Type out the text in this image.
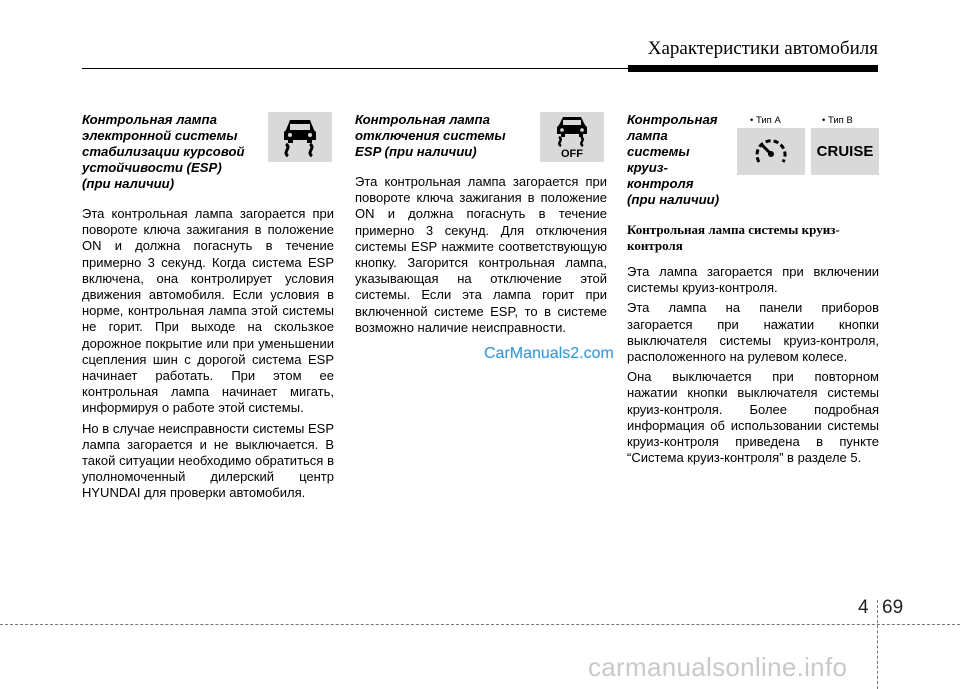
Характеристики автомобиля
Контрольная лампа
электронной системы
стабилизации курсовой
устойчивости (ESP)
(при наличии)

Эта контрольная лампа загорается при повороте ключа зажигания в положение ON и должна погаснуть в течение примерно 3 секунд. Когда система ESP включена, она контролирует условия движения автомобиля. Если условия в норме, контрольная лампа этой системы не горит. При выходе на скользкое дорожное покрытие или при уменьшении сцепления шин с дорогой система ESP начинает работать. При этом ее контрольная лампа начинает мигать, информируя о работе этой системы.

Но в случае неисправности системы ESP лампа загорается и не выключается. В такой ситуации необходимо обратиться в уполномоченный дилерский центр HYUNDAI для проверки автомобиля.

Контрольная лампа
отключения системы
ESP (при наличии)

Эта контрольная лампа загорается при повороте ключа зажигания в положение ON и должна погаснуть в течение примерно 3 секунд. Для отключения системы ESP нажмите соответствующую кнопку. Загорится контрольная лампа, указывающая на отключение этой системы. Если эта лампа горит при включенной системе ESP, то в системе возможно наличие неисправности.

OFF
Контрольная
лампа
системы
круиз-
контроля
(при наличии)
Контрольная лампа системы круиз-контроля

Эта лампа загорается при включении системы круиз-контроля.

Эта лампа на панели приборов загорается при нажатии кнопки выключателя системы круиз-контроля, расположенного на рулевом колесе.

Она выключается при повторном нажатии кнопки выключателя системы круиз-контроля. Более подробная информация об использовании системы круиз-контроля приведена в пункте “Система круиз-контроля” в разделе 5.

• Тип А	• Тип B
CRUISE
CarManuals2.com
4 69
carmanualsonline.info
